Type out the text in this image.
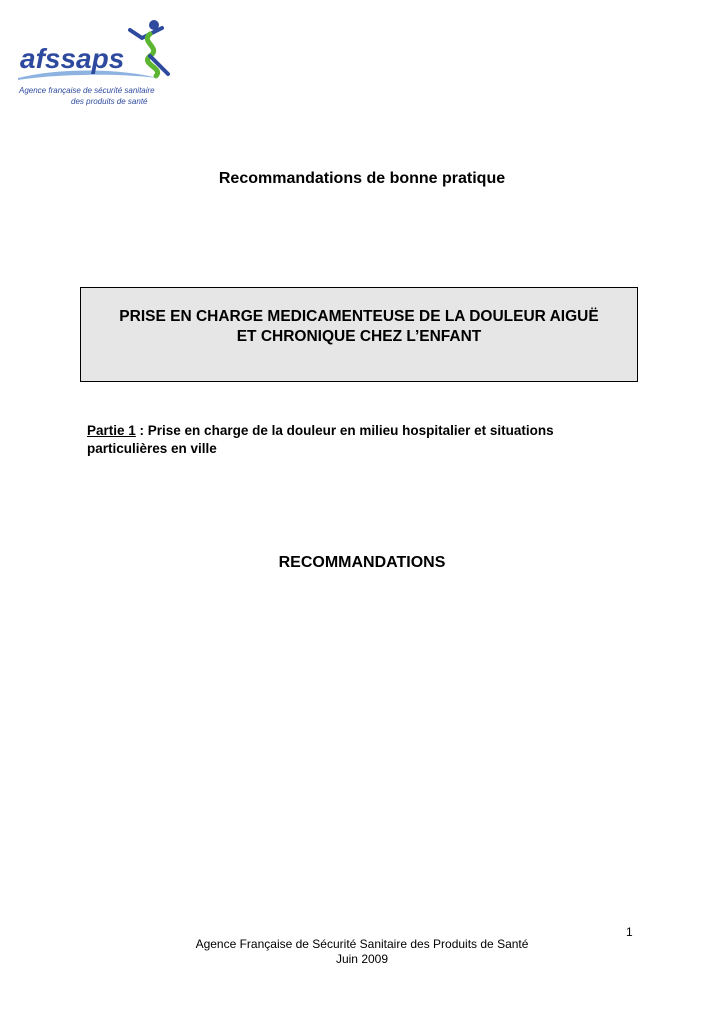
afssaps
Agence française de sécurité sanitaire
des produits de santé
Recommandations de bonne pratique
PRISE EN CHARGE MEDICAMENTEUSE DE LA DOULEUR AIGUË
ET CHRONIQUE CHEZ L’ENFANT
Partie 1 : Prise en charge de la douleur en milieu hospitalier et situations particulières en ville
RECOMMANDATIONS
1
Agence Française de Sécurité Sanitaire des Produits de Santé
Juin 2009
